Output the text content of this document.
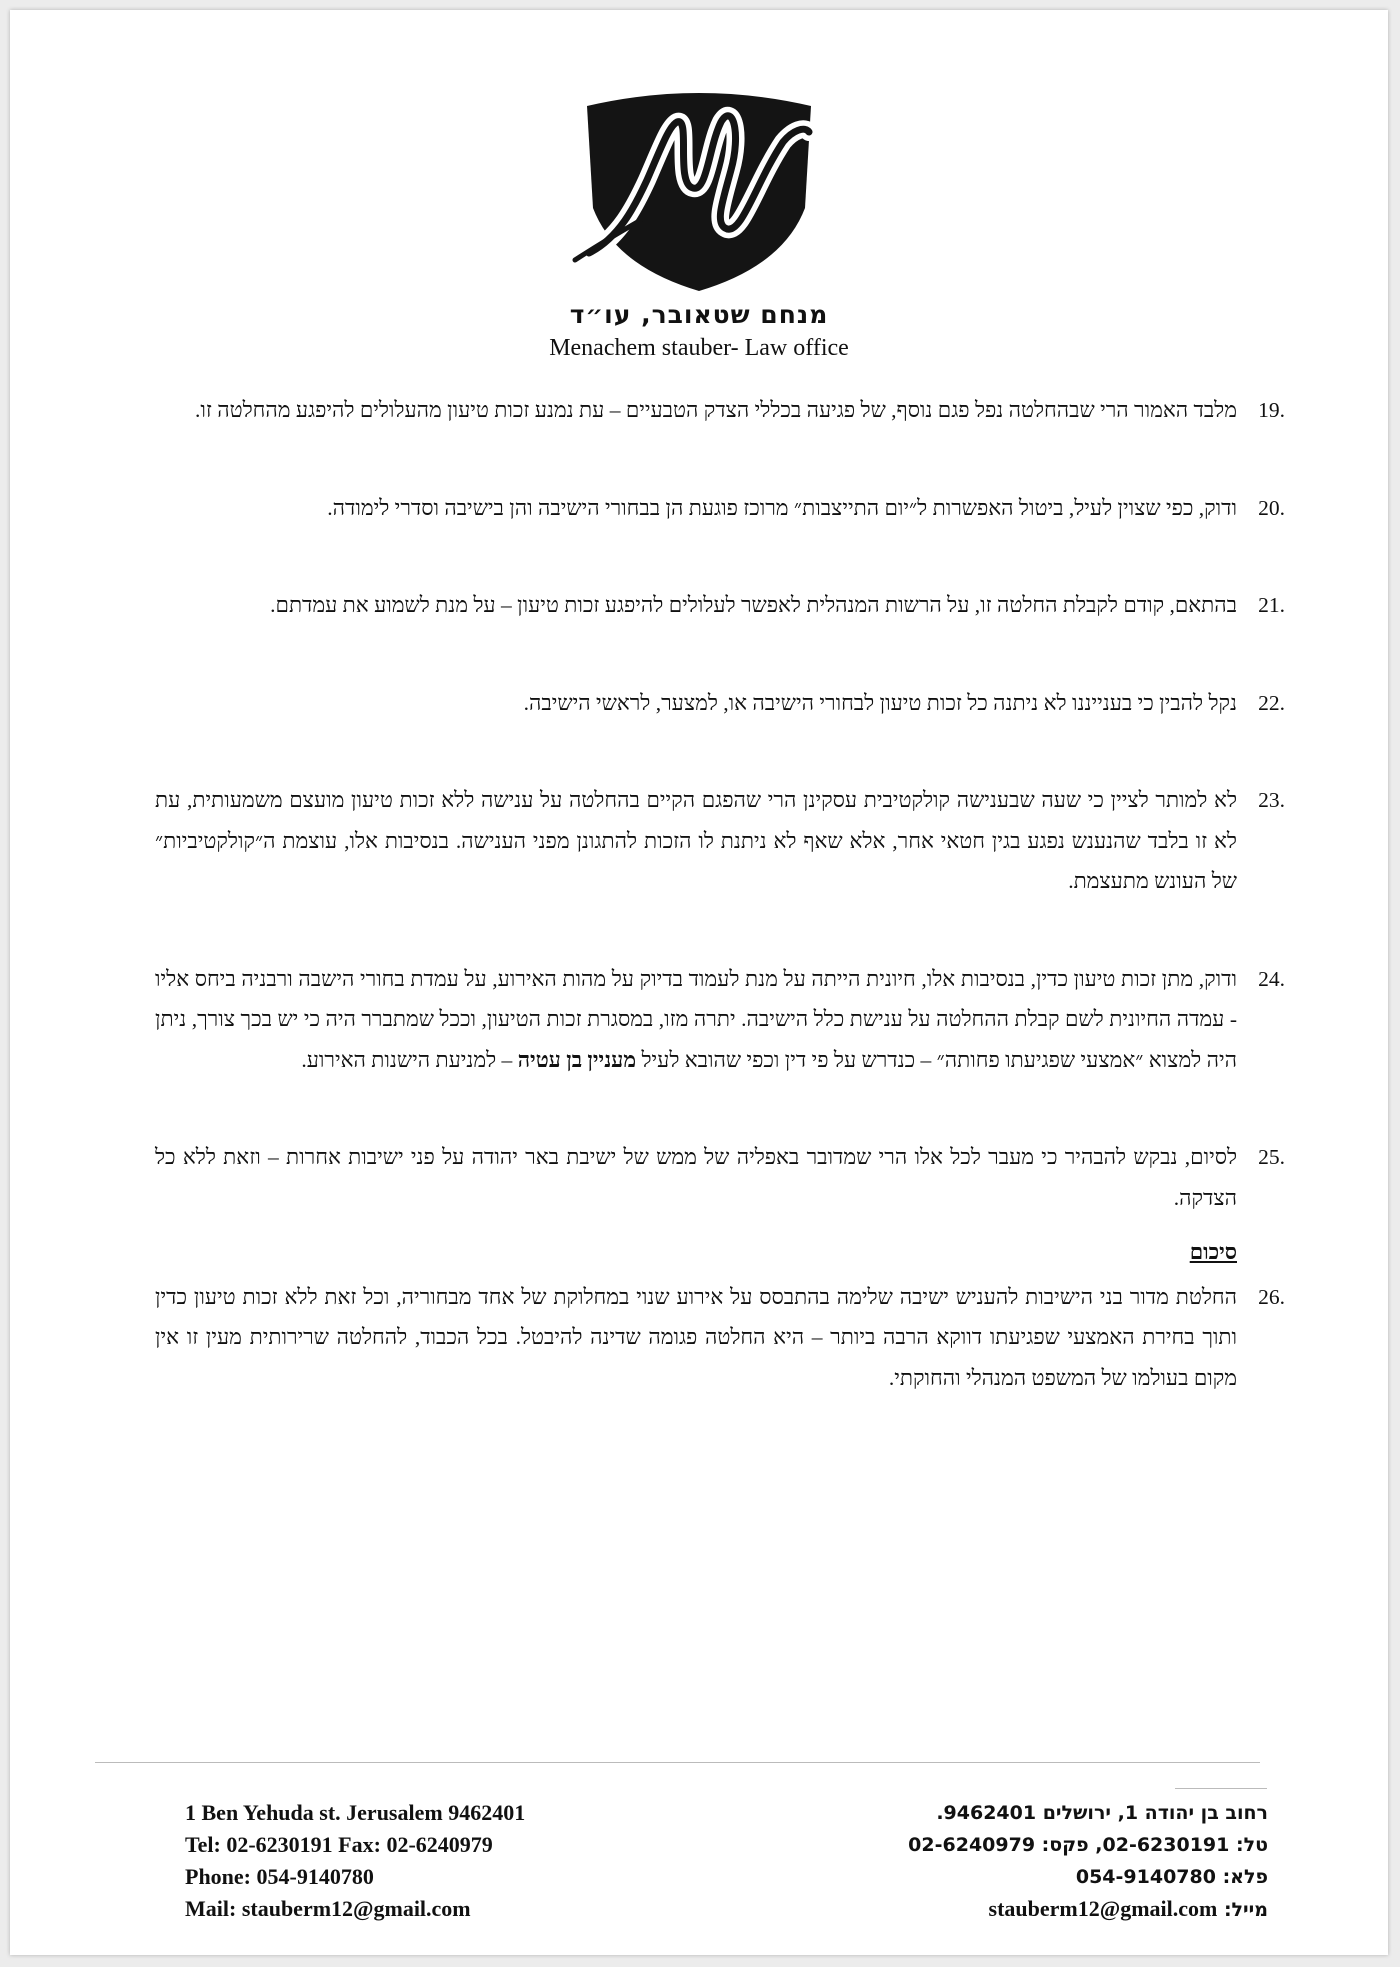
מנחם שטאובר, עו״ד
Menachem stauber- Law office
19.
מלבד האמור הרי שבהחלטה נפל פגם נוסף, של פגיעה בכללי הצדק הטבעיים – עת נמנע זכות טיעון מהעלולים להיפגע מהחלטה זו.
20.
ודוק, כפי שצוין לעיל, ביטול האפשרות ל״יום התייצבות״ מרוכז פוגעת הן בבחורי הישיבה והן בישיבה וסדרי לימודה.
21.
בהתאם, קודם לקבלת החלטה זו, על הרשות המנהלית לאפשר לעלולים להיפגע זכות טיעון – על מנת לשמוע את עמדתם.
22.
נקל להבין כי בענייננו לא ניתנה כל זכות טיעון לבחורי הישיבה או, למצער, לראשי הישיבה.
23.
לא למותר לציין כי שעה שבענישה קולקטיבית עסקינן הרי שהפגם הקיים בהחלטה על ענישה ללא זכות טיעון מועצם משמעותית, עת לא זו בלבד שהנענש נפגע בגין חטאי אחר, אלא שאף לא ניתנת לו הזכות להתגונן מפני הענישה. בנסיבות אלו, עוצמת ה״קולקטיביות״ של העונש מתעצמת.
24.
ודוק, מתן זכות טיעון כדין, בנסיבות אלו, חיונית הייתה על מנת לעמוד בדיוק על מהות האירוע, על עמדת בחורי הישבה ורבניה ביחס אליו - עמדה החיונית לשם קבלת ההחלטה על ענישת כלל הישיבה. יתרה מזו, במסגרת זכות הטיעון, וככל שמתברר היה כי יש בכך צורך, ניתן היה למצוא ״אמצעי שפגיעתו פחותה״ – כנדרש על פי דין וכפי שהובא לעיל מעניין בן עטיה – למניעת הישנות האירוע.
25.
לסיום, נבקש להבהיר כי מעבר לכל אלו הרי שמדובר באפליה של ממש של ישיבת באר יהודה על פני ישיבות אחרות – וזאת ללא כל הצדקה.
סיכום
26.
החלטת מדור בני הישיבות להעניש ישיבה שלימה בהתבסס על אירוע שנוי במחלוקת של אחד מבחוריה, וכל זאת ללא זכות טיעון כדין ותוך בחירת האמצעי שפגיעתו דווקא הרבה ביותר – היא החלטה פגומה שדינה להיבטל. בכל הכבוד, להחלטה שרירותית מעין זו אין מקום בעולמו של המשפט המנהלי והחוקתי.
1 Ben Yehuda st. Jerusalem 9462401
Tel: 02-6230191 Fax: 02-6240979
Phone: 054-9140780
Mail: stauberm12@gmail.com
רחוב בן יהודה 1, ירושלים 9462401.
טל: 02-6230191, פקס: 02-6240979
פלא: 054-9140780
מייל: stauberm12@gmail.com
